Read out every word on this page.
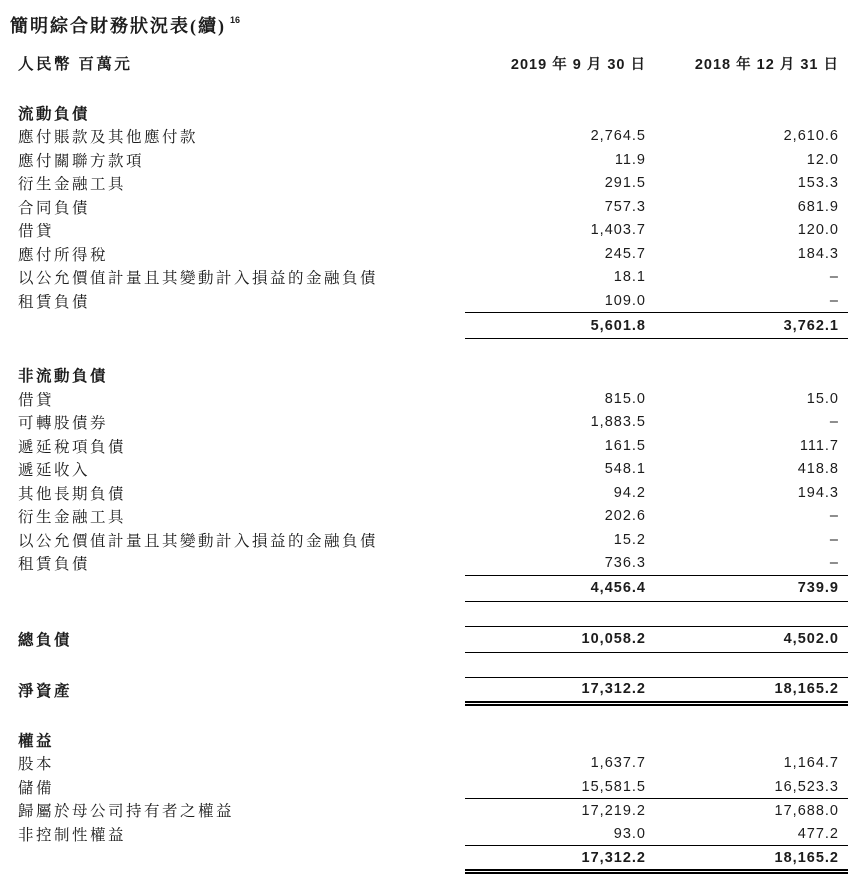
簡明綜合財務狀況表(續) $^{16}$
人民幣 百萬元	2019 年 9 月 30 日	2018 年 12 月 31 日

流動負債		
應付賬款及其他應付款	2,764.5	2,610.6
應付關聯方款項	11.9	12.0
衍生金融工具	291.5	153.3
合同負債	757.3	681.9
借貸	1,403.7	120.0
應付所得稅	245.7	184.3
以公允價值計量且其變動計入損益的金融負債	18.1	–
租賃負債	109.0	–
	5,601.8	3,762.1

非流動負債		
借貸	815.0	15.0
可轉股債券	1,883.5	–
遞延稅項負債	161.5	111.7
遞延收入	548.1	418.8
其他長期負債	94.2	194.3
衍生金融工具	202.6	–
以公允價值計量且其變動計入損益的金融負債	15.2	–
租賃負債	736.3	–
	4,456.4	739.9

總負債	10,058.2	4,502.0

淨資產	17,312.2	18,165.2

權益		
股本	1,637.7	1,164.7
儲備	15,581.5	16,523.3
歸屬於母公司持有者之權益	17,219.2	17,688.0
非控制性權益	93.0	477.2
	17,312.2	18,165.2
